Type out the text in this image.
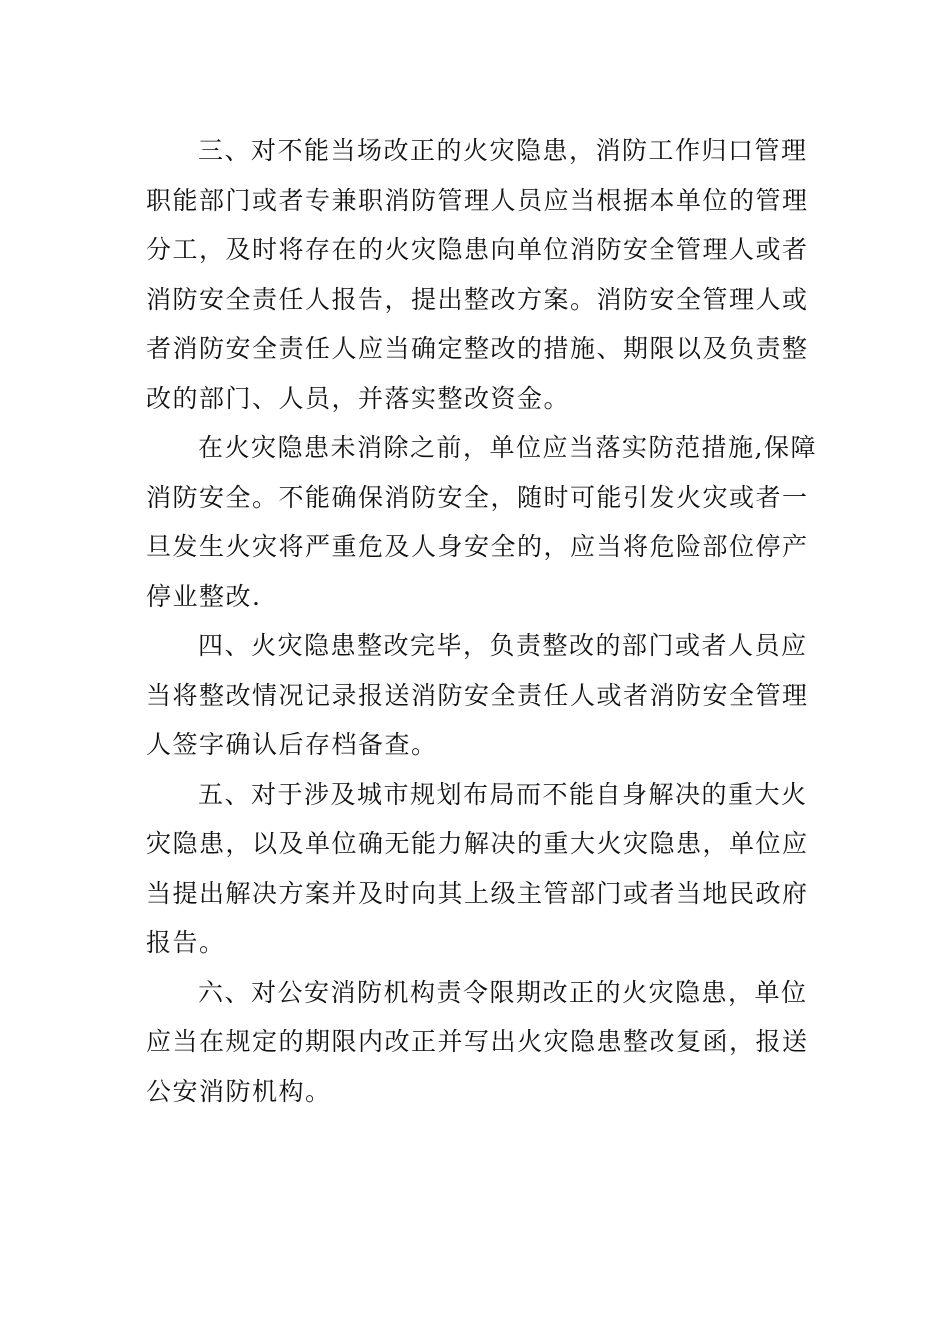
三、对不能当场改正的火灾隐患，消防工作归口管理
职能部门或者专兼职消防管理人员应当根据本单位的管理
分工，及时将存在的火灾隐患向单位消防安全管理人或者
消防安全责任人报告，提出整改方案。消防安全管理人或
者消防安全责任人应当确定整改的措施、期限以及负责整
改的部门、人员，并落实整改资金。

在火灾隐患未消除之前，单位应当落实防范措施,保障
消防安全。不能确保消防安全，随时可能引发火灾或者一
旦发生火灾将严重危及人身安全的，应当将危险部位停产
停业整改.

四、火灾隐患整改完毕，负责整改的部门或者人员应
当将整改情况记录报送消防安全责任人或者消防安全管理
人签字确认后存档备查。

五、对于涉及城市规划布局而不能自身解决的重大火
灾隐患，以及单位确无能力解决的重大火灾隐患，单位应
当提出解决方案并及时向其上级主管部门或者当地民政府
报告。

六、对公安消防机构责令限期改正的火灾隐患，单位
应当在规定的期限内改正并写出火灾隐患整改复函，报送
公安消防机构。
